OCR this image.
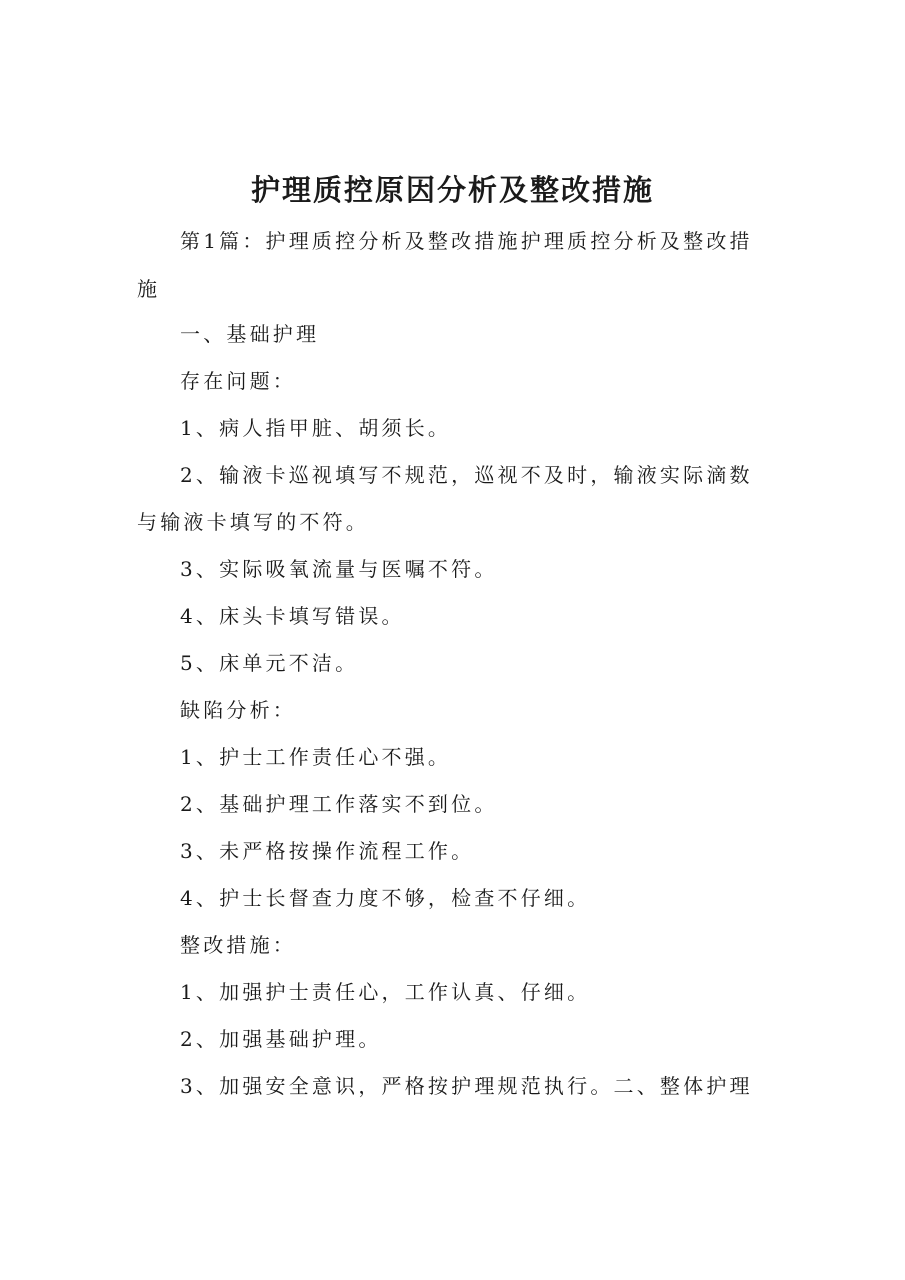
护理质控原因分析及整改措施

第1篇：护理质控分析及整改措施护理质控分析及整改措

施

一、基础护理

存在问题：

1、病人指甲脏、胡须长。

2、输液卡巡视填写不规范，巡视不及时，输液实际滴数

与输液卡填写的不符。

3、实际吸氧流量与医嘱不符。

4、床头卡填写错误。

5、床单元不洁。

缺陷分析：

1、护士工作责任心不强。

2、基础护理工作落实不到位。

3、未严格按操作流程工作。

4、护士长督查力度不够，检查不仔细。

整改措施：

1、加强护士责任心，工作认真、仔细。

2、加强基础护理。

3、加强安全意识，严格按护理规范执行。二、整体护理
